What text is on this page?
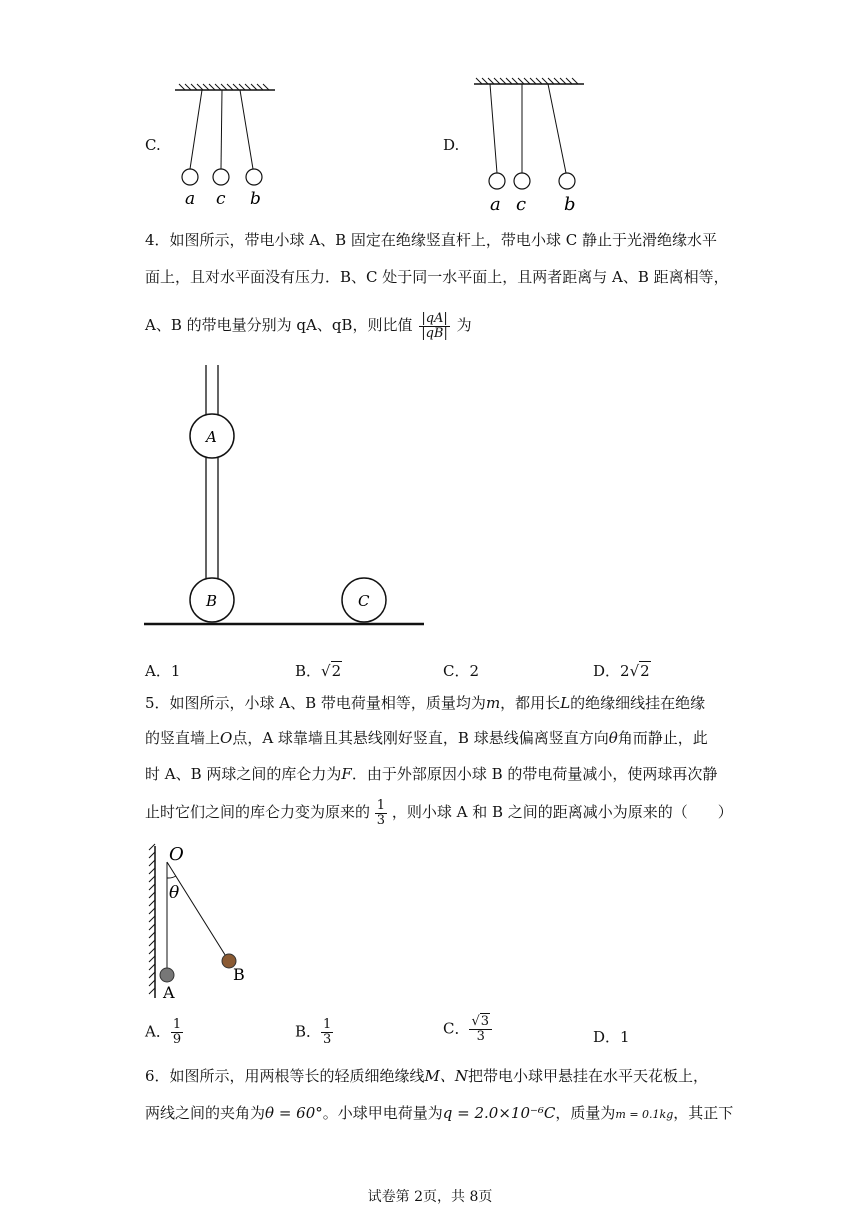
C.
a c b
D.
a c b
4．如图所示，带电小球 A、B 固定在绝缘竖直杆上，带电小球 C 静止于光滑绝缘水平
面上，且对水平面没有压力．B、C 处于同一水平面上，且两者距离与 A、B 距离相等，
A、B 的带电量分别为 qA、qB，则比值 $\frac{|qA|}{|qB|}$ 为
A
B	C
A．1	B．√2	C．2	D．2√2
5．如图所示，小球 A、B 带电荷量相等，质量均为m，都用长L的绝缘细线挂在绝缘
的竖直墙上O点，A 球靠墙且其悬线刚好竖直，B 球悬线偏离竖直方向θ角而静止，此
时 A、B 两球之间的库仑力为F．由于外部原因小球 B 的带电荷量减小，使两球再次静
止时它们之间的库仑力变为原来的 $\frac{1}{3}$ ，则小球 A 和 B 之间的距离减小为原来的（　　）
O
θ
A
B
A． $\frac{1}{9}$	B． $\frac{1}{3}$	C． $\frac{√3}{3}$	D．1
6．如图所示，用两根等长的轻质细绝缘线M、N把带电小球甲悬挂在水平天花板上，
两线之间的夹角为θ = 60°。小球甲电荷量为q = 2.0×10⁻⁶C，质量为m = 0.1kg，其正下
试卷第 2页，共 8页
